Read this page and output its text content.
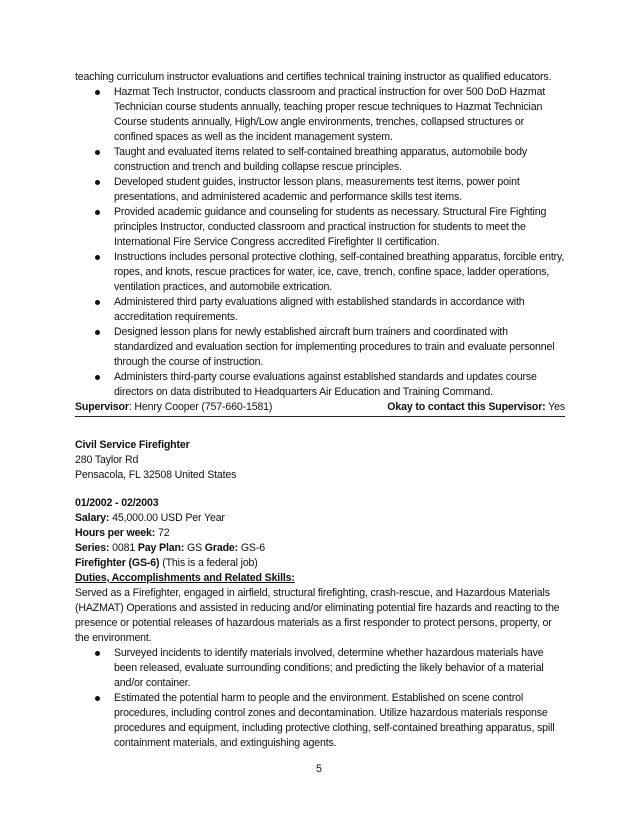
teaching curriculum instructor evaluations and certifies technical training instructor as qualified educators.

Hazmat Tech Instructor, conducts classroom and practical instruction for over 500 DoD Hazmat Technician course students annually, teaching proper rescue techniques to Hazmat Technician Course students annually, High/Low angle environments, trenches, collapsed structures or confined spaces as well as the incident management system.
Taught and evaluated items related to self-contained breathing apparatus, automobile body construction and trench and building collapse rescue principles.
Developed student guides, instructor lesson plans, measurements test items, power point presentations, and administered academic and performance skills test items.
Provided academic guidance and counseling for students as necessary. Structural Fire Fighting principles Instructor, conducted classroom and practical instruction for students to meet the International Fire Service Congress accredited Firefighter II certification.
Instructions includes personal protective clothing, self-contained breathing apparatus, forcible entry, ropes, and knots, rescue practices for water, ice, cave, trench, confine space, ladder operations, ventilation practices, and automobile extrication.
Administered third party evaluations aligned with established standards in accordance with accreditation requirements.
Designed lesson plans for newly established aircraft burn trainers and coordinated with standardized and evaluation section for implementing procedures to train and evaluate personnel through the course of instruction.
Administers third-party course evaluations against established standards and updates course directors on data distributed to Headquarters Air Education and Training Command.
Supervisor: Henry Cooper (757-660-1581)	Okay to contact this Supervisor: Yes

Civil Service Firefighter

280 Taylor Rd

Pensacola, FL 32508 United States

01/2002 - 02/2003

Salary: 45,000.00 USD Per Year

Hours per week: 72

Series: 0081 Pay Plan: GS Grade: GS-6

Firefighter (GS-6) (This is a federal job)

Duties, Accomplishments and Related Skills:

Served as a Firefighter, engaged in airfield, structural firefighting, crash-rescue, and Hazardous Materials (HAZMAT) Operations and assisted in reducing and/or eliminating potential fire hazards and reacting to the presence or potential releases of hazardous materials as a first responder to protect persons, property, or the environment.

Surveyed incidents to identify materials involved, determine whether hazardous materials have been released, evaluate surrounding conditions; and predicting the likely behavior of a material and/or container.
Estimated the potential harm to people and the environment. Established on scene control procedures, including control zones and decontamination. Utilize hazardous materials response procedures and equipment, including protective clothing, self-contained breathing apparatus, spill containment materials, and extinguishing agents.
5
